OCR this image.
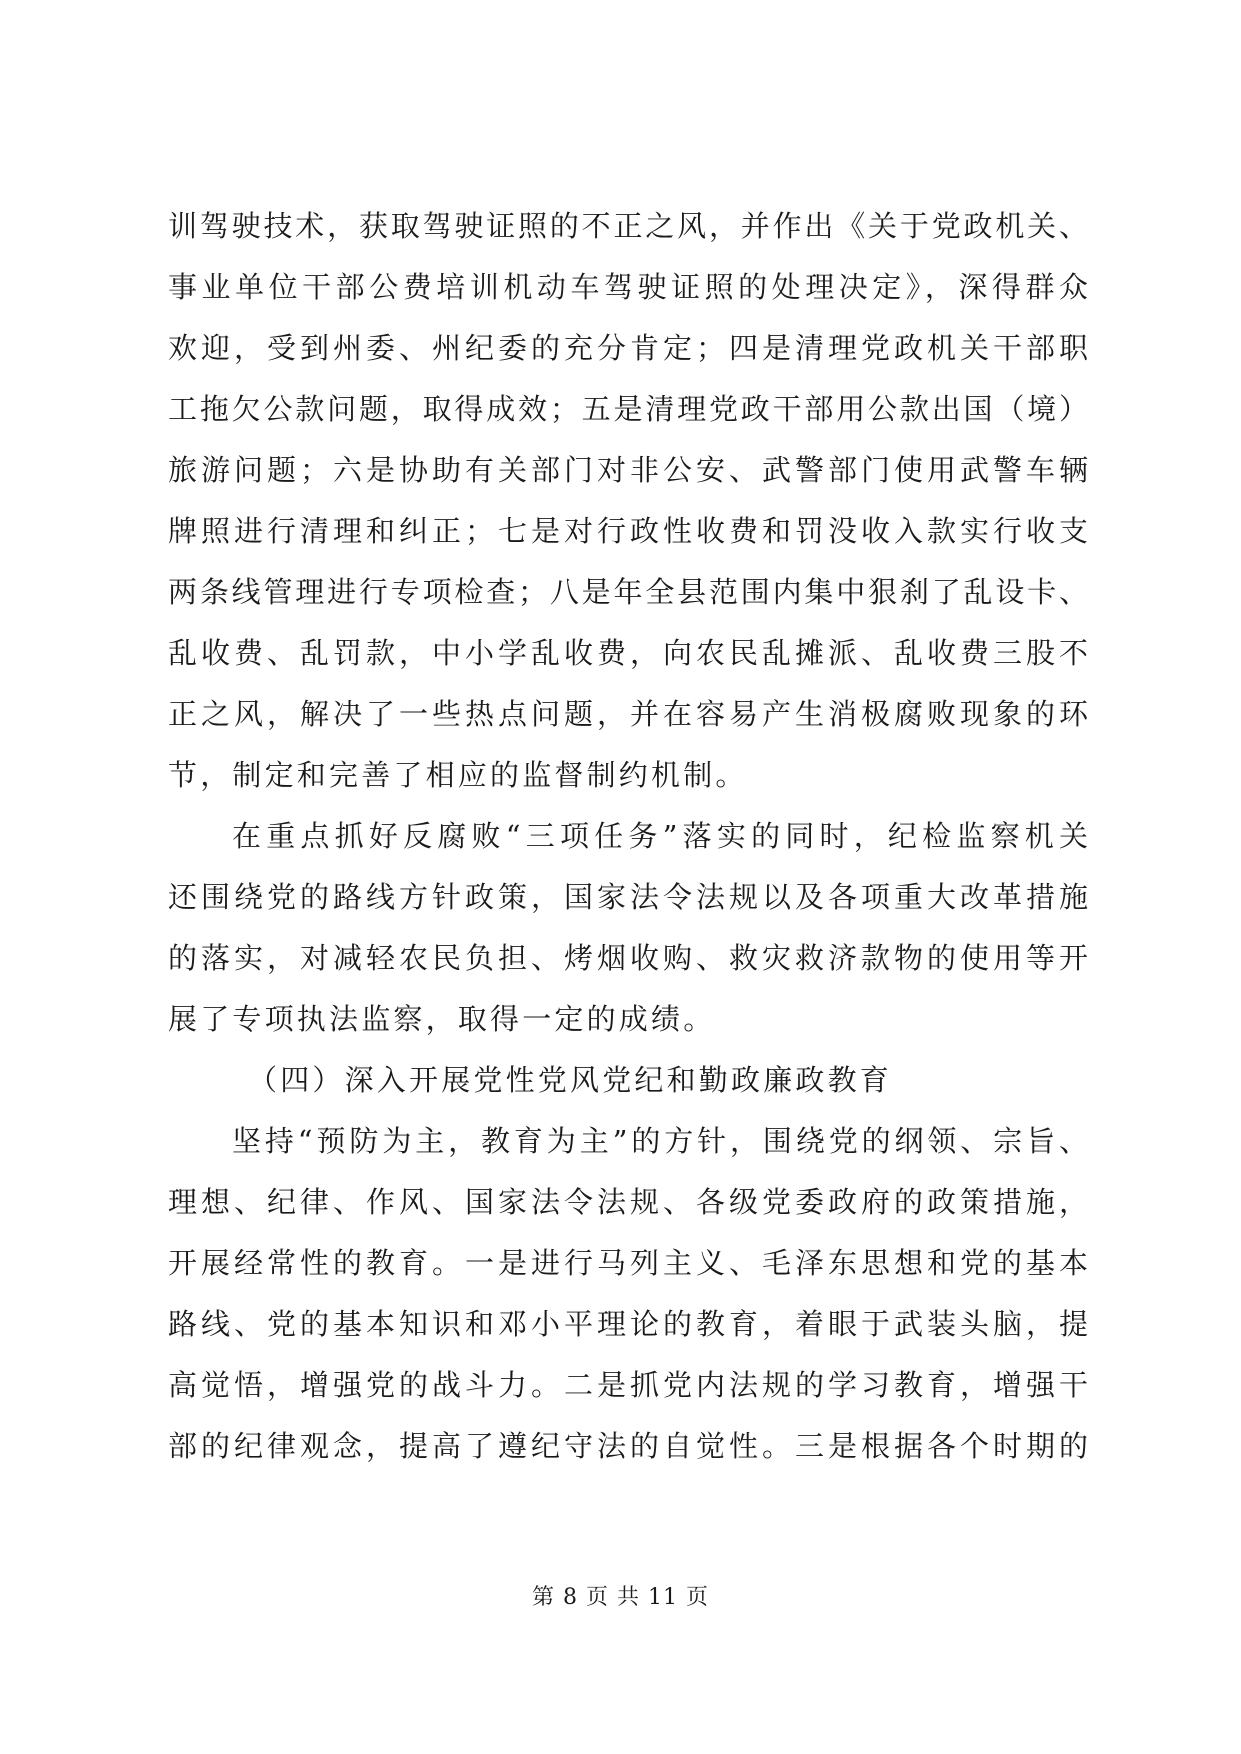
训驾驶技术，获取驾驶证照的不正之风，并作出《关于党政机关、
事业单位干部公费培训机动车驾驶证照的处理决定》，深得群众
欢迎，受到州委、州纪委的充分肯定；四是清理党政机关干部职
工拖欠公款问题，取得成效；五是清理党政干部用公款出国（境）
旅游问题；六是协助有关部门对非公安、武警部门使用武警车辆
牌照进行清理和纠正；七是对行政性收费和罚没收入款实行收支
两条线管理进行专项检查；八是年全县范围内集中狠刹了乱设卡、
乱收费、乱罚款，中小学乱收费，向农民乱摊派、乱收费三股不
正之风，解决了一些热点问题，并在容易产生消极腐败现象的环
节，制定和完善了相应的监督制约机制。
在重点抓好反腐败“三项任务”落实的同时，纪检监察机关
还围绕党的路线方针政策，国家法令法规以及各项重大改革措施
的落实，对减轻农民负担、烤烟收购、救灾救济款物的使用等开
展了专项执法监察，取得一定的成绩。
（四）深入开展党性党风党纪和勤政廉政教育
坚持“预防为主，教育为主”的方针，围绕党的纲领、宗旨、
理想、纪律、作风、国家法令法规、各级党委政府的政策措施，
开展经常性的教育。一是进行马列主义、毛泽东思想和党的基本
路线、党的基本知识和邓小平理论的教育，着眼于武装头脑，提
高觉悟，增强党的战斗力。二是抓党内法规的学习教育，增强干
部的纪律观念，提高了遵纪守法的自觉性。三是根据各个时期的
第 8 页 共 11 页
